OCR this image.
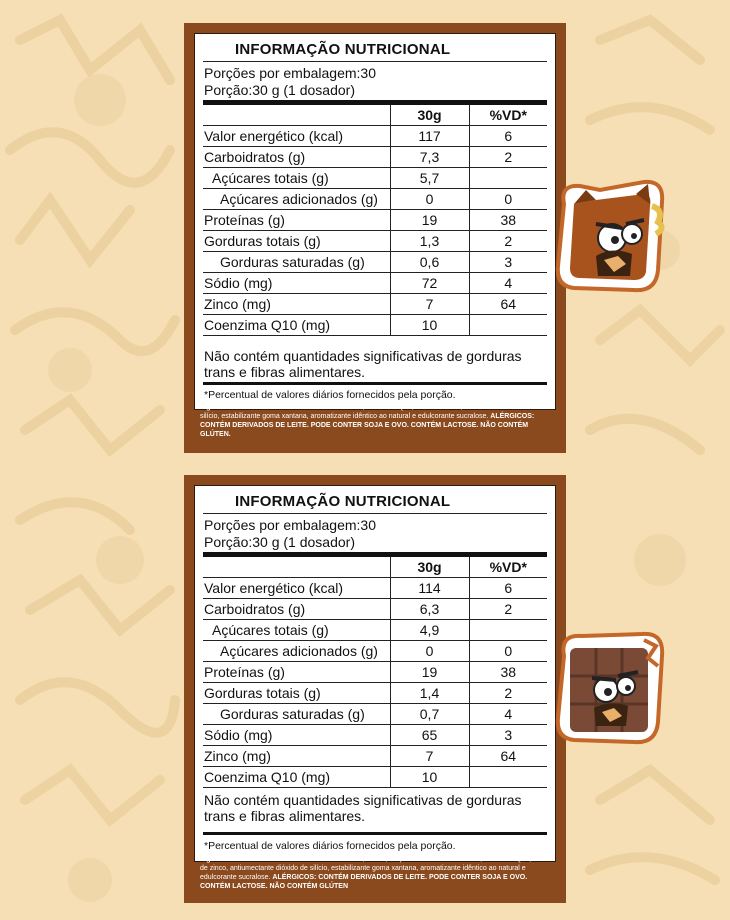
INFORMAÇÃO NUTRICIONAL
Porções por embalagem:30
Porção:30 g (1 dosador)
	30g	%VD*
Valor energético (kcal)	117	6
Carboidratos (g)	7,3	2
Açúcares totais (g)	5,7	
Açúcares adicionados (g)	0	0
Proteínas (g)	19	38
Gorduras totais (g)	1,3	2
Gorduras saturadas (g)	0,6	3
Sódio (mg)	72	4
Zinco (mg)	7	64
Coenzima Q10 (mg)	10	
Não contém quantidades significativas de gorduras trans e fibras alimentares.
*Percentual de valores diários fornecidos pela porção.
Ingredientes: Proteína de soro do leite concentrada, coenzima Q10, óxido de zinco, antiumectante dióxido de silício, estabilizante goma xantana, aromatizante idêntico ao natural e edulcorante sucralose. ALÉRGICOS: CONTÉM DERIVADOS DE LEITE. PODE CONTER SOJA E OVO. CONTÉM LACTOSE. NÃO CONTÉM GLÚTEN.
INFORMAÇÃO NUTRICIONAL
Porções por embalagem:30
Porção:30 g (1 dosador)
	30g	%VD*
Valor energético (kcal)	114	6
Carboidratos (g)	6,3	2
Açúcares totais (g)	4,9	
Açúcares adicionados (g)	0	0
Proteínas (g)	19	38
Gorduras totais (g)	1,4	2
Gorduras saturadas (g)	0,7	4
Sódio (mg)	65	3
Zinco (mg)	7	64
Coenzima Q10 (mg)	10	
Não contém quantidades significativas de gorduras trans e fibras alimentares.
*Percentual de valores diários fornecidos pela porção.
Ingredientes: Proteína de soro do leite concentrada, cacau, crispies de cookies chocolate, coenzima Q10, óxido de zinco, antiumectante dióxido de silício, estabilizante goma xantana, aromatizante idêntico ao natural e edulcorante sucralose. ALÉRGICOS: CONTÉM DERIVADOS DE LEITE. PODE CONTER SOJA E OVO. CONTÉM LACTOSE. NÃO CONTÉM GLÚTEN
